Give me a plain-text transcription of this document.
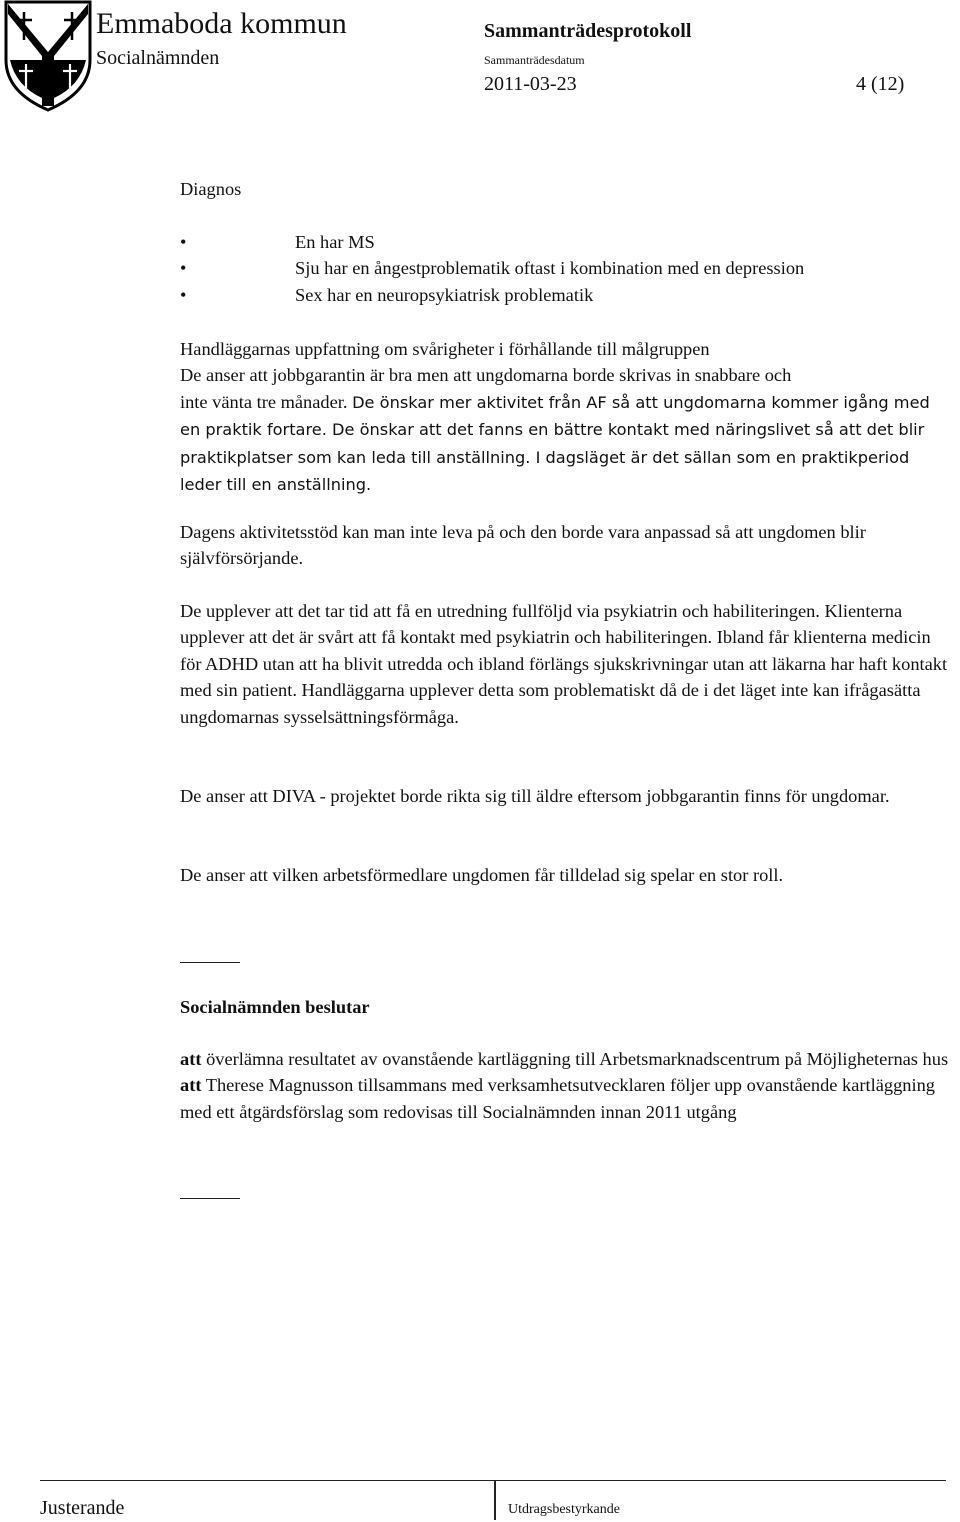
Emmaboda kommun
Socialnämnden
Sammanträdesprotokoll
Sammanträdesdatum
2011-03-23	4 (12)

Diagnos

•	En har MS
•	Sju har en ångestproblematik oftast i kombination med en depression
•	Sex har en neuropsykiatrisk problematik

Handläggarnas uppfattning om svårigheter i förhållande till målgruppen

De anser att jobbgarantin är bra men att ungdomarna borde skrivas in snabbare och

inte vänta tre månader. De önskar mer aktivitet från AF så att ungdomarna kommer igång med en praktik fortare. De önskar att det fanns en bättre kontakt med näringslivet så att det blir praktikplatser som kan leda till anställning. I dagsläget är det sällan som en praktikperiod leder till en anställning.

Dagens aktivitetsstöd kan man inte leva på och den borde vara anpassad så att ungdomen blir självförsörjande.

De upplever att det tar tid att få en utredning fullföljd via psykiatrin och habiliteringen. Klienterna upplever att det är svårt att få kontakt med psykiatrin och habiliteringen. Ibland får klienterna medicin för ADHD utan att ha blivit utredda och ibland förlängs sjukskrivningar utan att läkarna har haft kontakt med sin patient. Handläggarna upplever detta som problematiskt då de i det läget inte kan ifrågasätta ungdomarnas sysselsättningsförmåga.

De anser att DIVA - projektet borde rikta sig till äldre eftersom jobbgarantin finns för ungdomar.

De anser att vilken arbetsförmedlare ungdomen får tilldelad sig spelar en stor roll.

Socialnämnden beslutar

att överlämna resultatet av ovanstående kartläggning till Arbetsmarknadscentrum på Möjligheternas hus

att Therese Magnusson tillsammans med verksamhetsutvecklaren följer upp ovanstående kartläggning med ett åtgärdsförslag som redovisas till Socialnämnden innan 2011 utgång

Justerande	Utdragsbestyrkande
